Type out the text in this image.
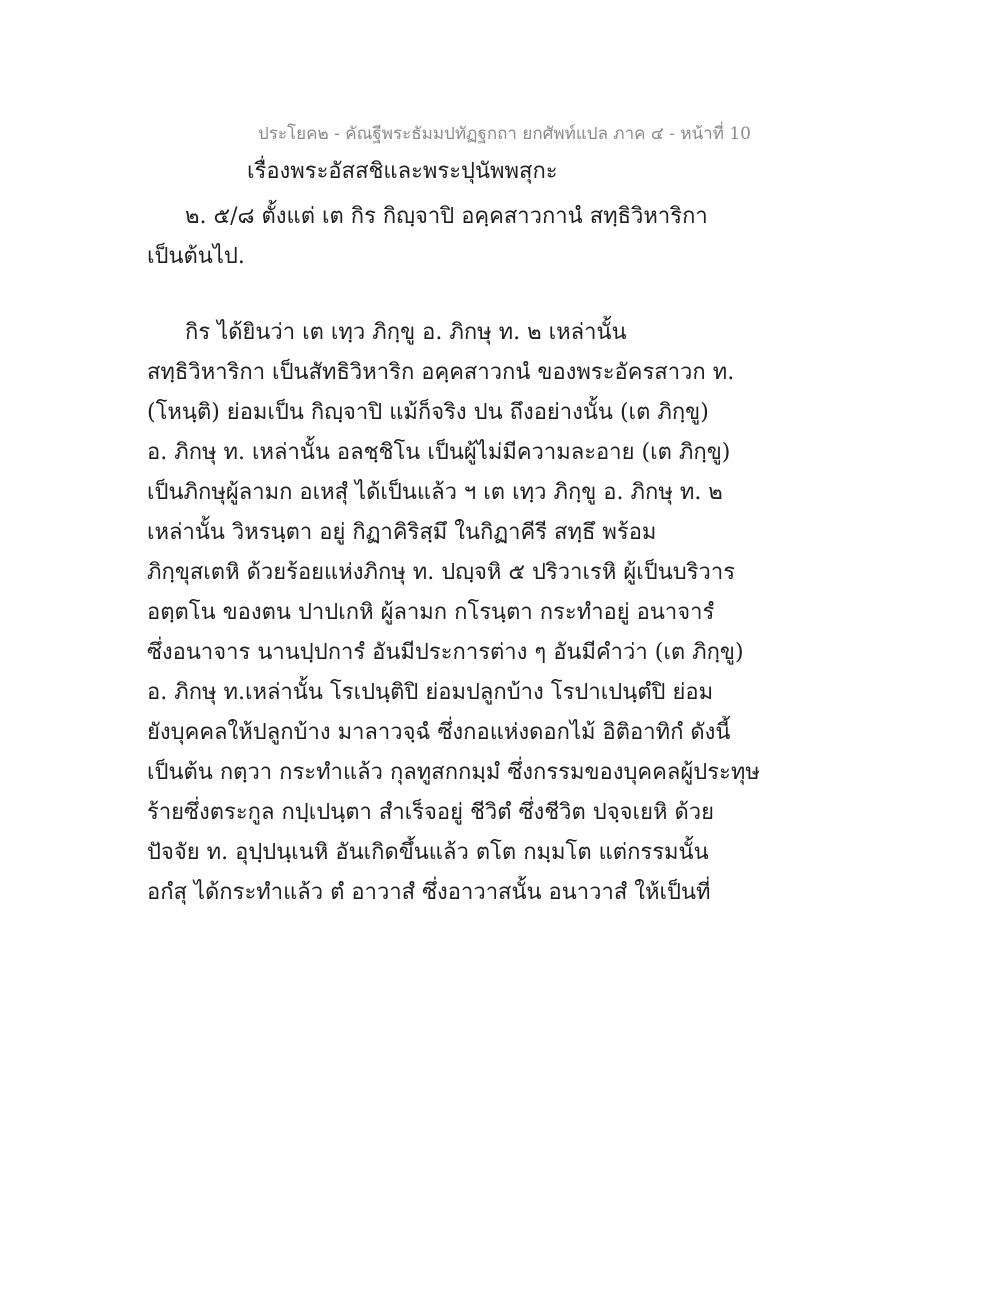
ประโยค๒ - คัณฐีพระธัมมปทัฏฐกถา ยกศัพท์แปล ภาค ๔ - หน้าที่ 10
เรื่องพระอัสสชิและพระปุนัพพสุกะ
๒. ๕/๘ ตั้งแต่ เต กิร กิญฺจาปิ อคฺคสาวกานํ สทฺธิวิหาริกา
เป็นต้นไป.
กิร ได้ยินว่า เต เทฺว ภิกฺขู อ. ภิกษุ ท. ๒ เหล่านั้น
สทฺธิวิหาริกา เป็นสัทธิวิหาริก อคฺคสาวกนํ ของพระอัครสาวก ท.
(โหนฺติ) ย่อมเป็น กิญฺจาปิ แม้ก็จริง ปน ถึงอย่างนั้น (เต ภิกฺขู)
อ. ภิกษุ ท. เหล่านั้น อลชฺชิโน เป็นผู้ไม่มีความละอาย (เต ภิกฺขู)
เป็นภิกษุผู้ลามก อเหสุํ ได้เป็นแล้ว ฯ เต เทฺว ภิกฺขู อ. ภิกษุ ท. ๒
เหล่านั้น วิหรนฺตา อยู่ กิฏาคิริสฺมึ ในกิฏาคีรี สทฺธึ พร้อม
ภิกฺขุสเตหิ ด้วยร้อยแห่งภิกษุ ท. ปญฺจหิ ๕ ปริวาเรหิ ผู้เป็นบริวาร
อตฺตโน ของตน ปาปเกหิ ผู้ลามก กโรนฺตา กระทำอยู่ อนาจารํ
ซึ่งอนาจาร นานปฺปการํ อันมีประการต่าง ๆ อันมีคำว่า (เต ภิกฺขู)
อ. ภิกษุ ท.เหล่านั้น โรเปนฺติปิ ย่อมปลูกบ้าง โรปาเปนฺตํปิ ย่อม
ยังบุคคลให้ปลูกบ้าง มาลาวจฺฉํ ซึ่งกอแห่งดอกไม้ อิติอาทิกํ ดังนี้
เป็นต้น กตฺวา กระทำแล้ว กุลทูสกกมฺมํ ซึ่งกรรมของบุคคลผู้ประทุษ
ร้ายซึ่งตระกูล กปฺเปนฺตา สำเร็จอยู่ ชีวิตํ ซึ่งชีวิต ปจฺจเยหิ ด้วย
ปัจจัย ท. อุปฺปนฺเนหิ อันเกิดขึ้นแล้ว ตโต กมฺมโต แต่กรรมนั้น
อกํสุ ได้กระทำแล้ว ตํ อาวาสํ ซึ่งอาวาสนั้น อนาวาสํ ให้เป็นที่
